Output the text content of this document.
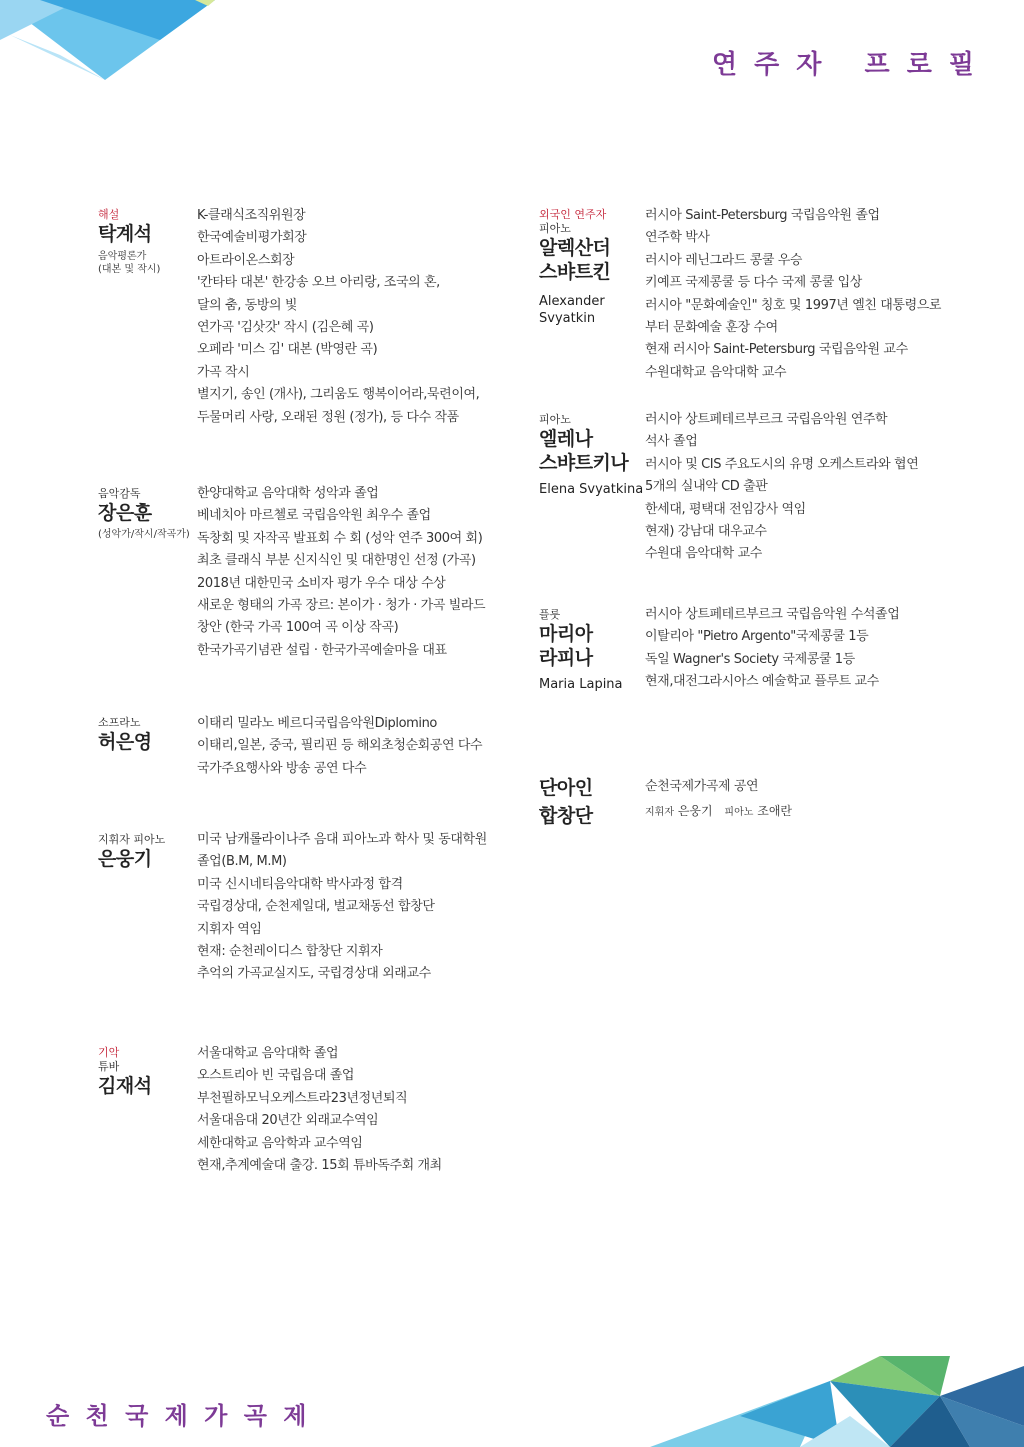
연 주 자   프 로 필
해설
탁계석
음악평론가
(대본 및 작시)
K-클래식조직위원장
한국예술비평가회장
아트라이온스회장
'칸타타 대본' 한강송 오브 아리랑, 조국의 혼,
달의 춤, 동방의 빛
연가곡 '김삿갓' 작시 (김은혜 곡)
오페라 '미스 김' 대본 (박영란 곡)
가곡 작시
별지기, 송인 (개사), 그리움도 행복이어라,묵련이여,
두물머리 사랑, 오래된 정원 (정가), 등 다수 작품
음악감독
장은훈
(성악가/작시/작곡가)
한양대학교 음악대학 성악과 졸업
베네치아 마르첼로 국립음악원 최우수 졸업
독창회 및 자작곡 발표회 수 회 (성악 연주 300여 회)
최초 클래식 부분 신지식인 및 대한명인 선정 (가곡)
2018년 대한민국 소비자 평가 우수 대상 수상
새로운 형태의 가곡 장르: 본이가 · 청가 · 가곡 빌라드
창안 (한국 가곡 100여 곡 이상 작곡)
한국가곡기념관 설립 · 한국가곡예술마을 대표
소프라노
허은영
이태리 밀라노 베르디국립음악원Diplomino
이태리,일본, 중국, 필리핀 등 해외초청순회공연 다수
국가주요행사와 방송 공연 다수
지휘자 피아노
은웅기
미국 남캐롤라이나주 음대 피아노과 학사 및 동대학원
졸업(B.M, M.M)
미국 신시네티음악대학 박사과정 합격
국립경상대, 순천제일대, 벌교채동선 합창단
지휘자 역임
현재: 순천레이디스 합창단 지휘자
추억의 가곡교실지도, 국립경상대 외래교수
기악
튜바
김재석
서울대학교 음악대학 졸업
오스트리아 빈 국립음대 졸업
부천필하모닉오케스트라23년정년퇴직
서울대음대 20년간 외래교수역임
세한대학교 음악학과 교수역임
현재,추계예술대 출강. 15회 튜바독주회 개최
외국인 연주자
피아노
알렉산더
스뱌트킨
Alexander
Svyatkin
러시아 Saint-Petersburg 국립음악원 졸업
연주학 박사
러시아 레닌그라드 콩쿨 우승
키예프 국제콩쿨 등 다수 국제 콩쿨 입상
러시아 "문화예술인" 칭호 및 1997년 옐친 대통령으로
부터 문화예술 훈장 수여
현재 러시아 Saint-Petersburg 국립음악원 교수
수원대학교 음악대학 교수
피아노
엘레나
스뱌트키나
Elena Svyatkina
러시아 상트페테르부르크 국립음악원 연주학
석사 졸업
러시아 및 CIS 주요도시의 유명 오케스트라와 협연
5개의 실내악 CD 출판
한세대, 평택대 전임강사 역임
현재) 강남대 대우교수
수원대 음악대학 교수
플룻
마리아
라피나
Maria Lapina
러시아 상트페테르부르크 국립음악원 수석졸업
이탈리아 "Pietro Argento"국제콩쿨 1등
독일 Wagner's Society 국제콩쿨 1등
현재,대전그라시아스 예술학교 플루트 교수
단아인
합창단
순천국제가곡제 공연
지휘자 은웅기 피아노 조애란
순 천 국 제 가 곡 제
